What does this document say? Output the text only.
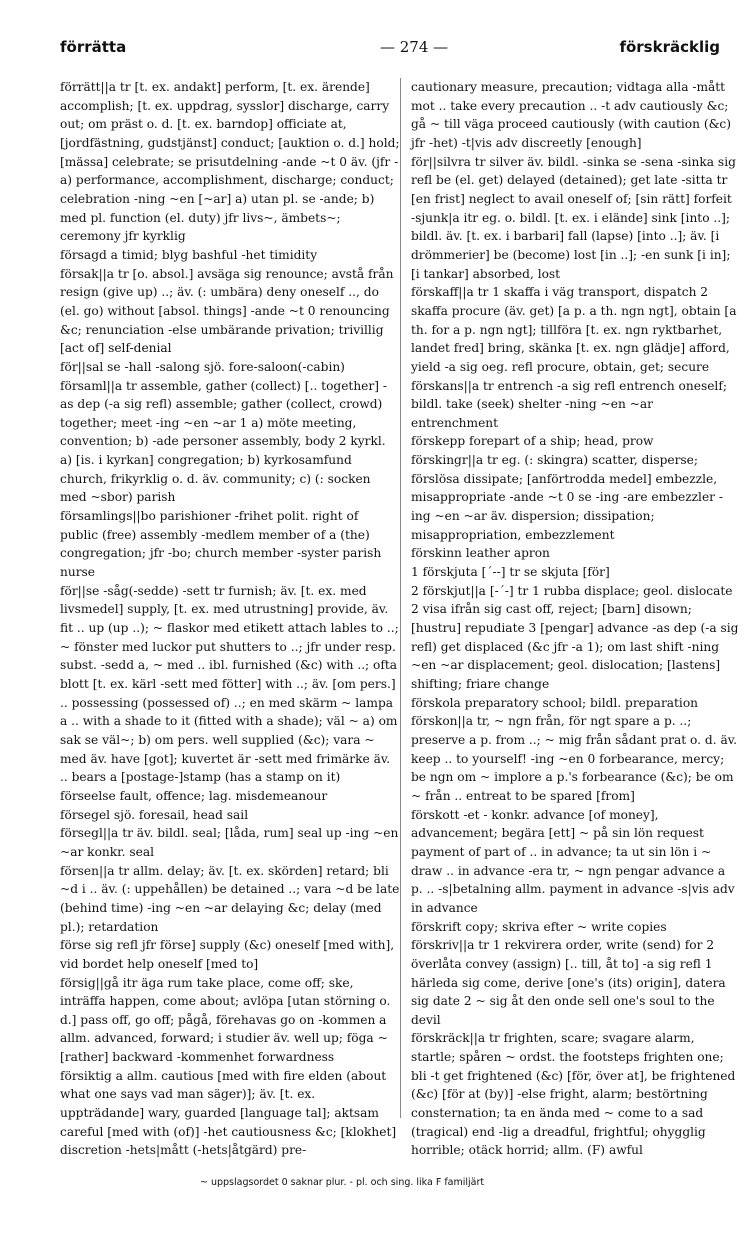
förrätta	— 274 —	förskräcklig

förrätt||a tr [t. ex. andakt] perform, [t. ex. ärende] accomplish; [t. ex. uppdrag, sysslor] discharge, carry out; om präst o. d. [t. ex. barndop] officiate at, [jordfästning, gudstjänst] conduct; [auktion o. d.] hold; [mässa] celebrate; se prisutdelning -ande ~t 0 äv. (jfr -a) performance, accomplishment, discharge; conduct; celebration -ning ~en [~ar] a) utan pl. se -ande; b) med pl. function (el. duty) jfr livs~, ämbets~; ceremony jfr kyrklig

försagd a timid; blyg bashful -het timidity

försak||a tr [o. absol.] avsäga sig renounce; avstå från resign (give up) ..; äv. (: umbära) deny oneself .., do (el. go) without [absol. things] -ande ~t 0 renouncing &c; renunciation -else umbärande privation; trivillig [act of] self-denial

för||sal se -hall -salong sjö. fore-saloon(-cabin)

församl||a tr assemble, gather (collect) [.. together] -as dep (-a sig refl) assemble; gather (collect, crowd) together; meet -ing ~en ~ar 1 a) möte meeting, convention; b) -ade personer assembly, body 2 kyrkl. a) [is. i kyrkan] congregation; b) kyrkosamfund church, frikyrklig o. d. äv. community; c) (: socken med ~sbor) parish

församlings||bo parishioner -frihet polit. right of public (free) assembly -medlem member of a (the) congregation; jfr -bo; church member -syster parish nurse

för||se -såg(-sedde) -sett tr furnish; äv. [t. ex. med livsmedel] supply, [t. ex. med utrustning] provide, äv. fit .. up (up ..); ~ flaskor med etikett attach lables to ..; ~ fönster med luckor put shutters to ..; jfr under resp. subst. -sedd a, ~ med .. ibl. furnished (&c) with ..; ofta blott [t. ex. kärl -sett med fötter] with ..; äv. [om pers.] .. possessing (possessed of) ..; en med skärm ~ lampa a .. with a shade to it (fitted with a shade); väl ~ a) om sak se väl~; b) om pers. well supplied (&c); vara ~ med äv. have [got]; kuvertet är -sett med frimärke äv. .. bears a [postage-]stamp (has a stamp on it)

förseelse fault, offence; lag. misdemeanour

försegel sjö. foresail, head sail

försegl||a tr äv. bildl. seal; [låda, rum] seal up -ing ~en ~ar konkr. seal

försen||a tr allm. delay; äv. [t. ex. skörden] retard; bli ~d i .. äv. (: uppehållen) be detained ..; vara ~d be late (behind time) -ing ~en ~ar delaying &c; delay (med pl.); retardation

förse sig refl jfr förse] supply (&c) oneself [med with], vid bordet help oneself [med to]

försig||gå itr äga rum take place, come off; ske, inträffa happen, come about; avlöpa [utan störning o. d.] pass off, go off; pågå, förehavas go on -kommen a allm. advanced, forward; i studier äv. well up; föga ~ [rather] backward -kommenhet forwardness

försiktig a allm. cautious [med with fire elden (about what one says vad man säger)]; äv. [t. ex. uppträdande] wary, guarded [language tal]; aktsam careful [med with (of)] -het cautiousness &c; [klokhet] discretion -hets|mått (-hets|åtgärd) pre-

cautionary measure, precaution; vidtaga alla -mått mot .. take every precaution .. -t adv cautiously &c; gå ~ till väga proceed cautiously (with caution (&c) jfr -het) -t|vis adv discreetly [enough]

för||silvra tr silver äv. bildl. -sinka se -sena -sinka sig refl be (el. get) delayed (detained); get late -sitta tr [en frist] neglect to avail oneself of; [sin rätt] forfeit -sjunk|a itr eg. o. bildl. [t. ex. i elände] sink [into ..]; bildl. äv. [t. ex. i barbari] fall (lapse) [into ..]; äv. [i drömmerier] be (become) lost [in ..]; -en sunk [i in]; [i tankar] absorbed, lost

förskaff||a tr 1 skaffa i väg transport, dispatch 2 skaffa procure (äv. get) [a p. a th. ngn ngt], obtain [a th. for a p. ngn ngt]; tillföra [t. ex. ngn ryktbarhet, landet fred] bring, skänka [t. ex. ngn glädje] afford, yield -a sig oeg. refl procure, obtain, get; secure

förskans||a tr entrench -a sig refl entrench oneself; bildl. take (seek) shelter -ning ~en ~ar entrenchment

förskepp forepart of a ship; head, prow

förskingr||a tr eg. (: skingra) scatter, disperse; förslösa dissipate; [anförtrodda medel] embezzle, misappropriate -ande ~t 0 se -ing -are embezzler -ing ~en ~ar äv. dispersion; dissipation; misappropriation, embezzlement

förskinn leather apron

1 förskjuta [´--] tr se skjuta [för]

2 förskjut||a [-´-] tr 1 rubba displace; geol. dislocate 2 visa ifrån sig cast off, reject; [barn] disown; [hustru] repudiate 3 [pengar] advance -as dep (-a sig refl) get displaced (&c jfr -a 1); om last shift -ning ~en ~ar displacement; geol. dislocation; [lastens] shifting; friare change

förskola preparatory school; bildl. preparation

förskon||a tr, ~ ngn från, för ngt spare a p. ..; preserve a p. from ..; ~ mig från sådant prat o. d. äv. keep .. to yourself! -ing ~en 0 forbearance, mercy; be ngn om ~ implore a p.'s forbearance (&c); be om ~ från .. entreat to be spared [from]

förskott -et - konkr. advance [of money], advancement; begära [ett] ~ på sin lön request payment of part of .. in advance; ta ut sin lön i ~ draw .. in advance -era tr, ~ ngn pengar advance a p. .. -s|betalning allm. payment in advance -s|vis adv in advance

förskrift copy; skriva efter ~ write copies

förskriv||a tr 1 rekvirera order, write (send) for 2 överlåta convey (assign) [.. till, åt to] -a sig refl 1 härleda sig come, derive [one's (its) origin], datera sig date 2 ~ sig åt den onde sell one's soul to the devil

förskräck||a tr frighten, scare; svagare alarm, startle; spåren ~ ordst. the footsteps frighten one; bli -t get frightened (&c) [för, över at], be frightened (&c) [för at (by)] -else fright, alarm; bestörtning consternation; ta en ända med ~ come to a sad (tragical) end -lig a dreadful, frightful; ohygglig horrible; otäck horrid; allm. (F) awful

~ uppslagsordet 0 saknar plur. - pl. och sing. lika F familjärt
